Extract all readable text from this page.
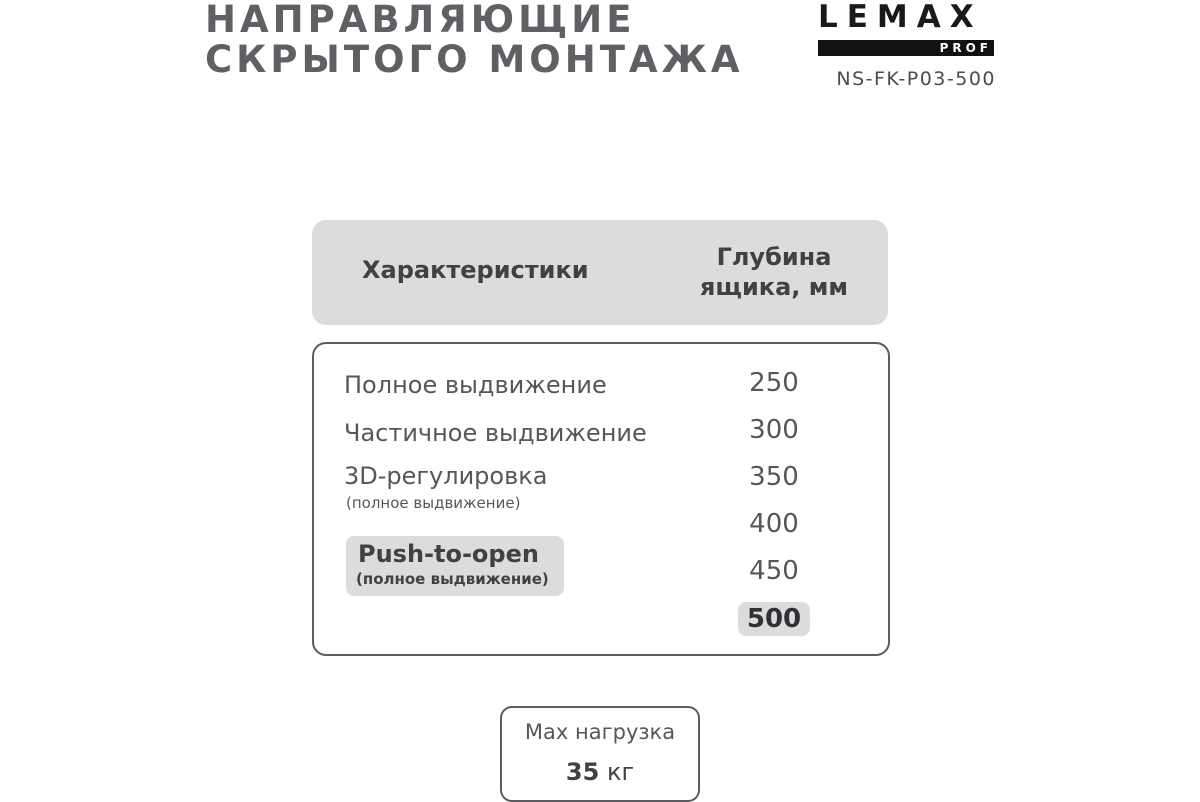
НАПРАВЛЯЮЩИЕ
СКРЫТОГО МОНТАЖА
LEMAX
PROF
NS-FK-P03-500
Характеристики	Глубина
ящика, мм
Полное выдвижение
Частичное выдвижение
3D-регулировка
(полное выдвижение)
Push-to-open
(полное выдвижение)
250
300
350
400
450
500
Max нагрузка
35 кг
